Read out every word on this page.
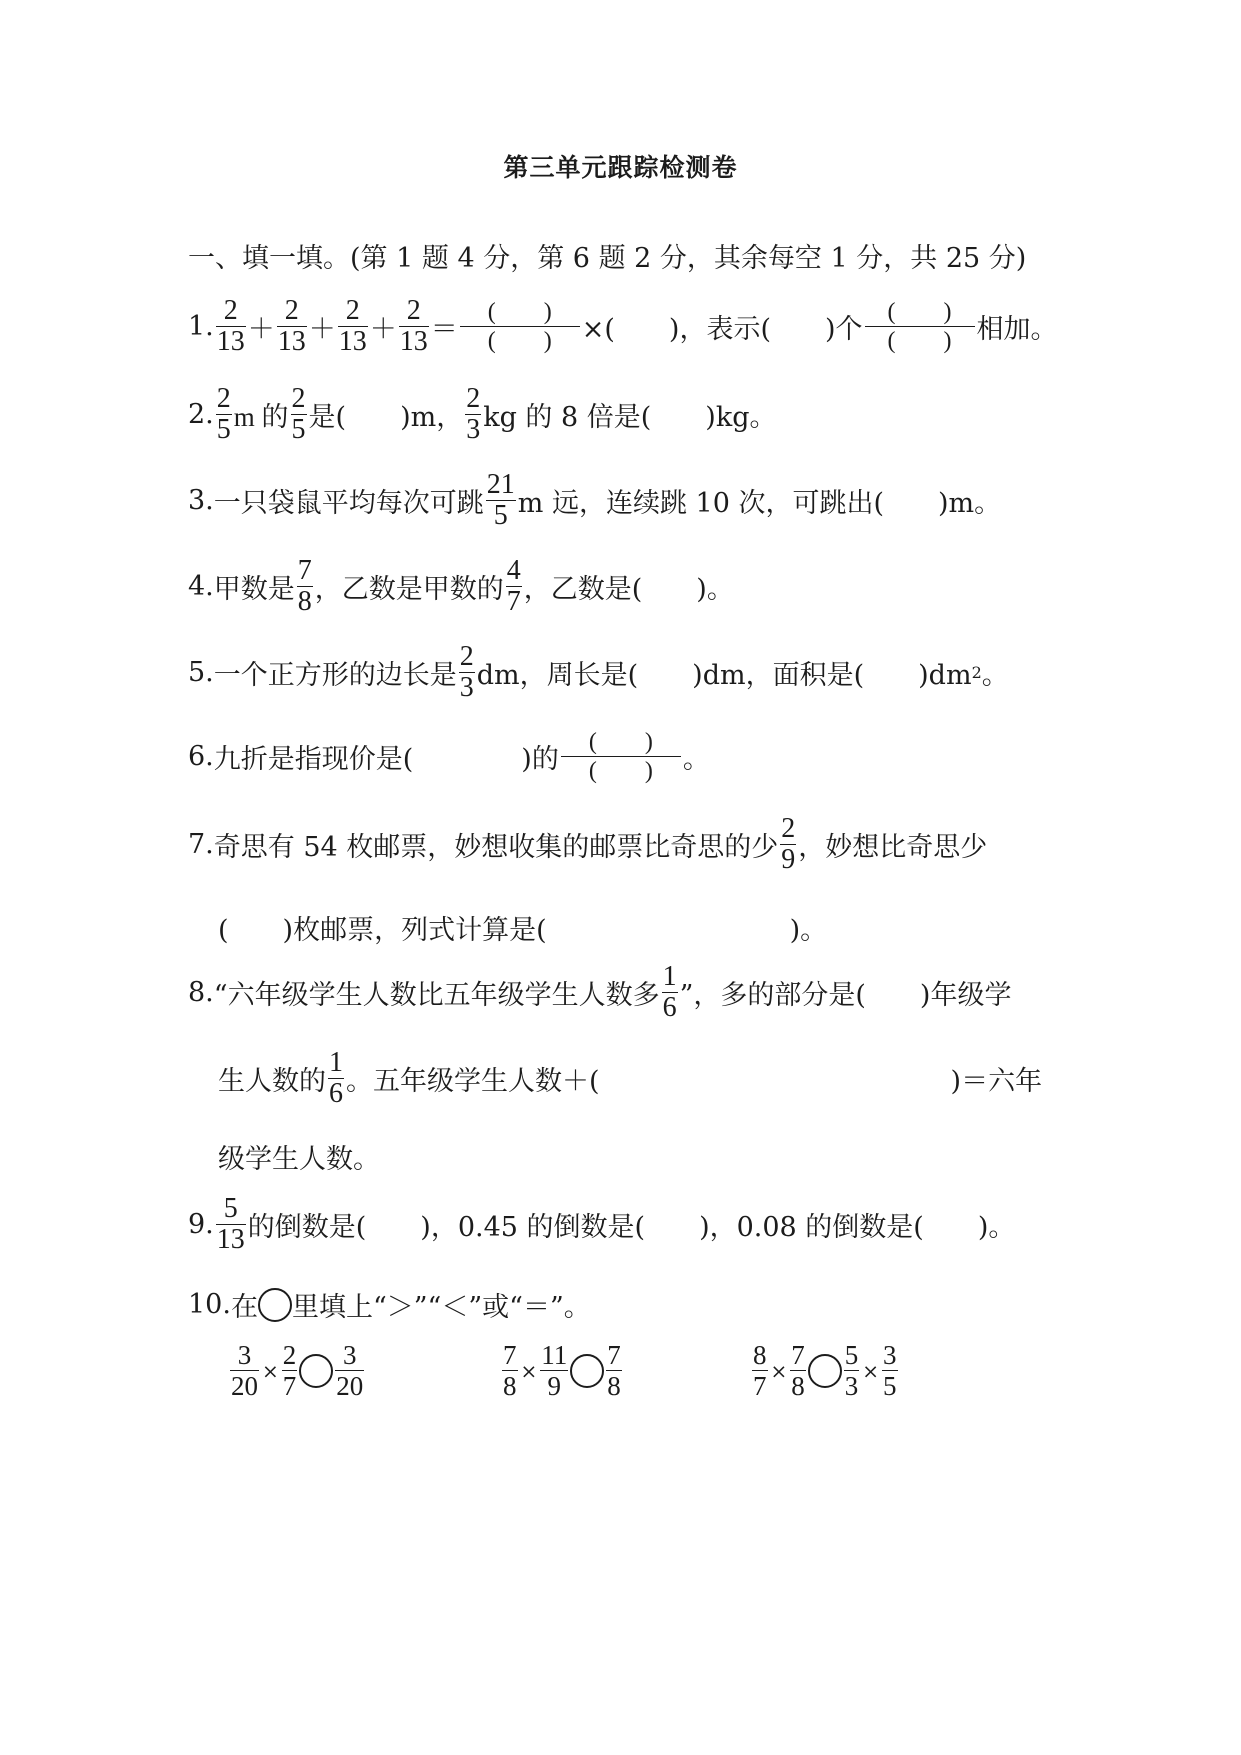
第三单元跟踪检测卷
一、填一填。(第 1 题 4 分，第 6 题 2 分，其余每空 1 分，共 25 分)
1. $\frac{2}{13} + \frac{2}{13} + \frac{2}{13} + \frac{2}{13} = \frac{( )}{( )}$ ×(　　)，表示(　　)个 $\frac{( )}{( )}$ 相加。
2. $\frac{2}{5}$ m 的 $\frac{2}{5}$ 是(　　)m， $\frac{2}{3}$ kg 的 8 倍是(　　)kg。
3. 一只袋鼠平均每次可跳 $\frac{21}{5}$ m 远，连续跳 10 次，可跳出(　　)m。
4. 甲数是 $\frac{7}{8}$ ，乙数是甲数的 $\frac{4}{7}$ ，乙数是(　　)。
5. 一个正方形的边长是 $\frac{2}{3}$ dm，周长是(　　)dm，面积是(　　)dm 2 。
6. 九折是指现价是(　　　　)的 $\frac{( )}{( )}$ 。
7. 奇思有 54 枚邮票，妙想收集的邮票比奇思的少 $\frac{2}{9}$ ，妙想比奇思少
(　　)枚邮票，列式计算是(　　　　　　　　　)。
8. “六年级学生人数比五年级学生人数多 $\frac{1}{6}$ ”，多的部分是(　　)年级学
生人数的 $\frac{1}{6}$ 。五年级学生人数＋(　　　　　　　　　　　　　)＝六年
级学生人数。
9. $\frac{5}{13}$ 的倒数是(　　)，0.45 的倒数是(　　)，0.08 的倒数是(　　)。
10. 在 里填上“＞”“＜”或“＝”。
$\frac{3}{20} \times \frac{2}{7} \frac{3}{20}$	$\frac{7}{8} \times \frac{11}{9} \frac{7}{8}$	$\frac{8}{7} \times \frac{7}{8} \frac{5}{3} \times \frac{3}{5}$
